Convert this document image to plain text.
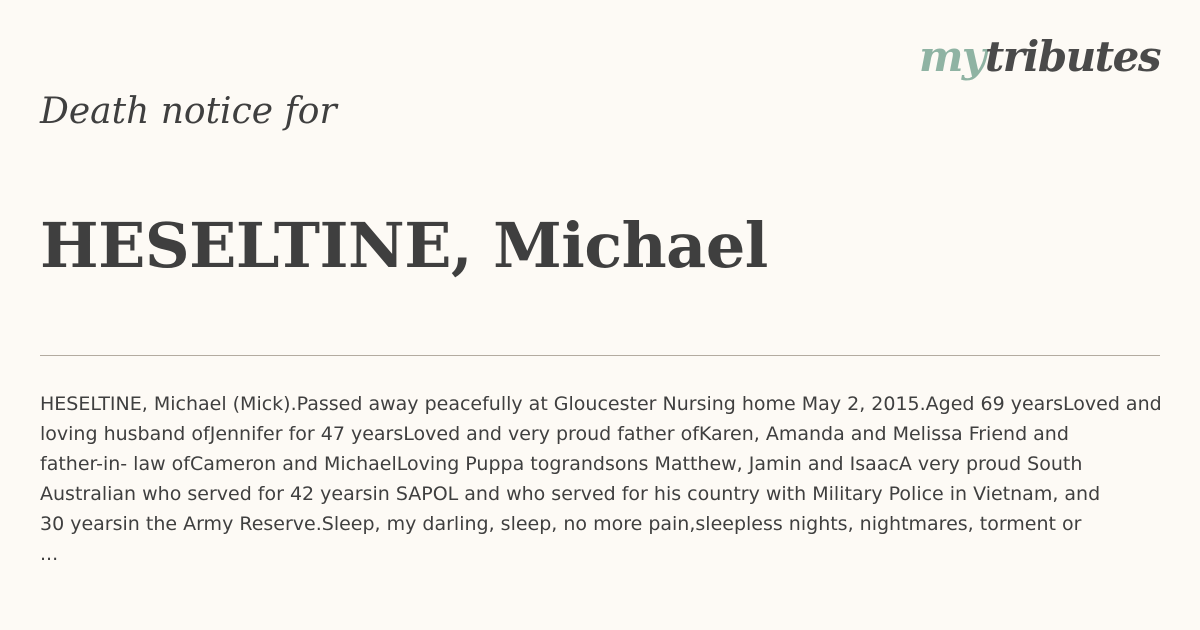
mytributes
Death notice for
HESELTINE, Michael
HESELTINE, Michael (Mick).Passed away peacefully at Gloucester Nursing home May 2, 2015.Aged 69 yearsLoved and
loving husband ofJennifer for 47 yearsLoved and very proud father ofKaren, Amanda and Melissa Friend and
father-in- law ofCameron and MichaelLoving Puppa tograndsons Matthew, Jamin and IsaacA very proud South
Australian who served for 42 yearsin SAPOL and who served for his country with Military Police in Vietnam, and
30 yearsin the Army Reserve.Sleep, my darling, sleep, no more pain,sleepless nights, nightmares, torment or
...
